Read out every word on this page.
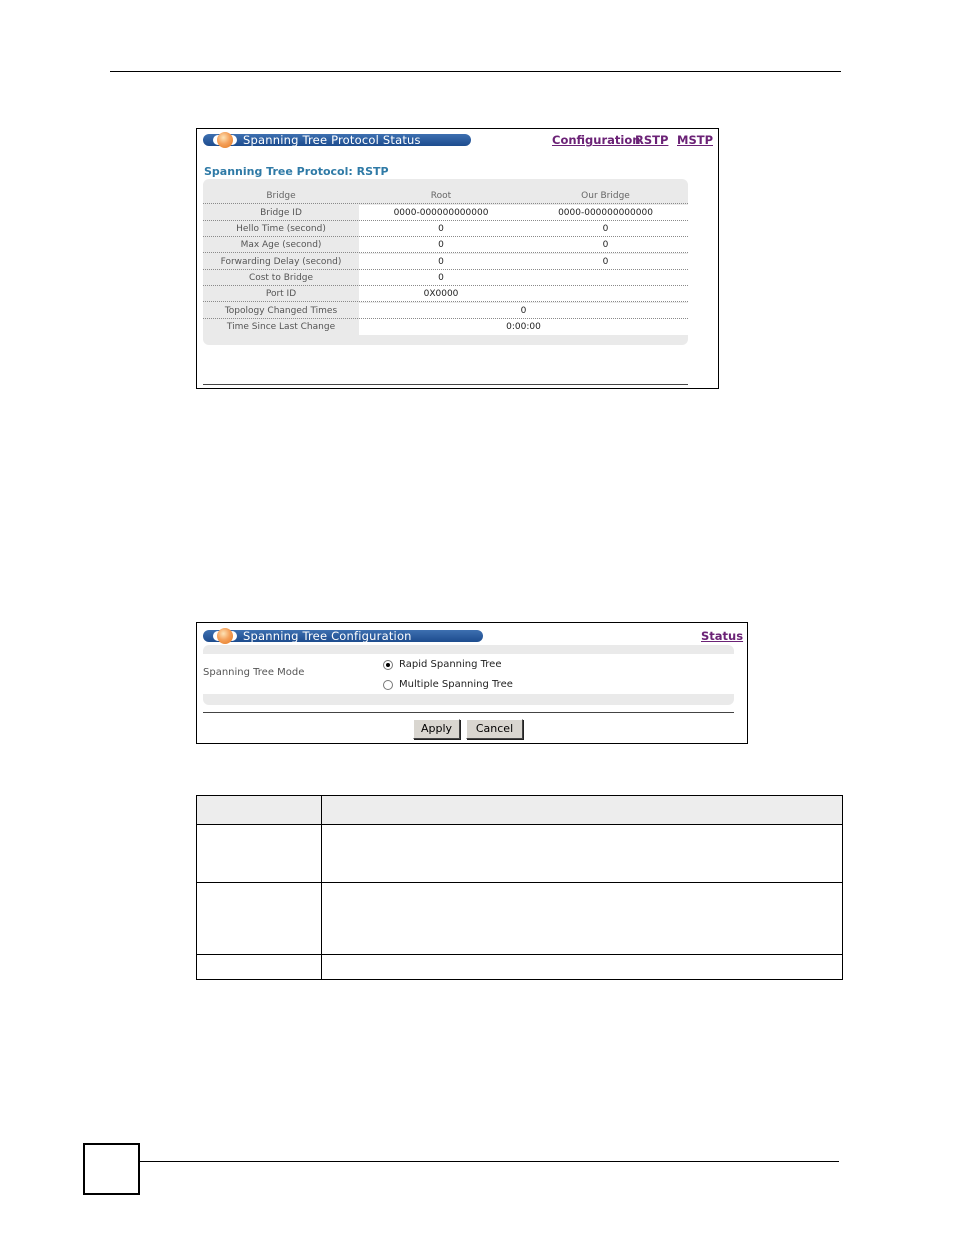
Spanning Tree Protocol Status	Configuration
RSTP MSTP
Spanning Tree Protocol: RSTP
Bridge	Root	Our Bridge
Bridge ID	0000-000000000000	0000-000000000000
Hello Time (second)	0	0
Max Age (second)	0	0
Forwarding Delay (second)	0	0
Cost to Bridge	0
Port ID	0X0000
Topology Changed Times	0
Time Since Last Change	0:00:00
Spanning Tree Configuration	Status
Spanning Tree Mode
Rapid Spanning Tree
Multiple Spanning Tree
Apply	Cancel
